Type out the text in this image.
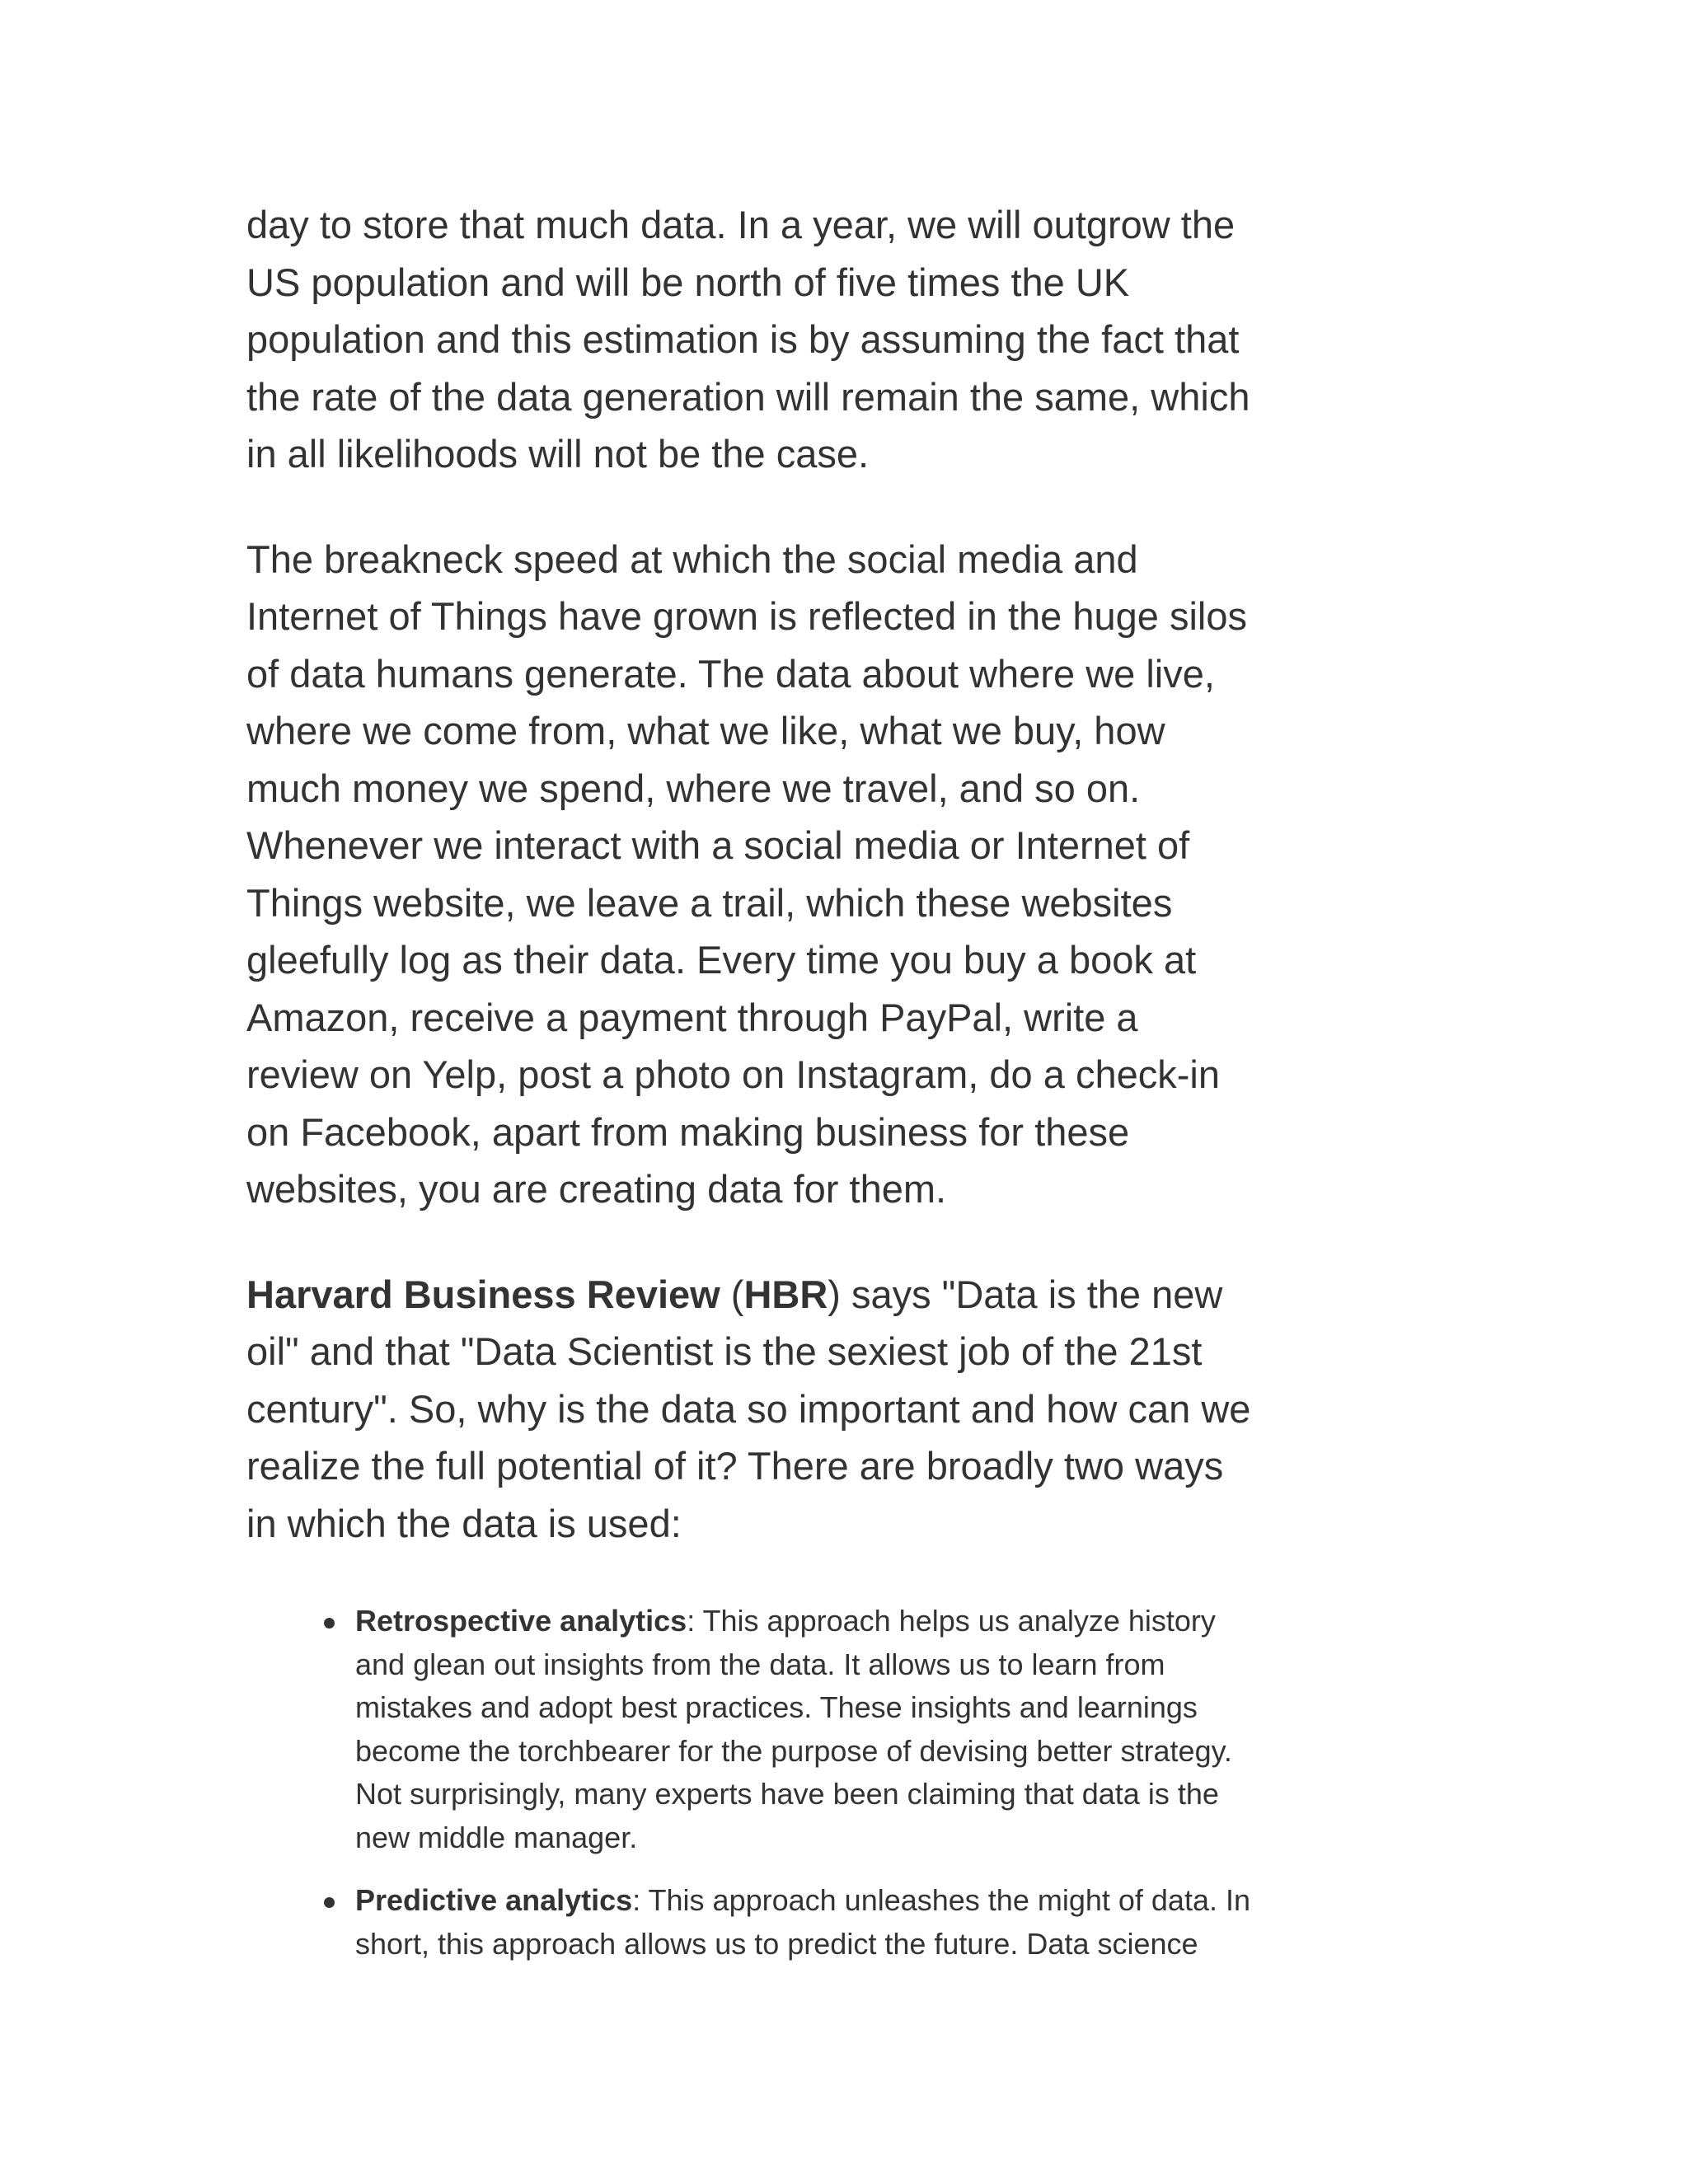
day to store that much data. In a year, we will outgrow the US population and will be north of five times the UK population and this estimation is by assuming the fact that the rate of the data generation will remain the same, which in all likelihoods will not be the case.

The breakneck speed at which the social media and Internet of Things have grown is reflected in the huge silos of data humans generate. The data about where we live, where we come from, what we like, what we buy, how much money we spend, where we travel, and so on. Whenever we interact with a social media or Internet of Things website, we leave a trail, which these websites gleefully log as their data. Every time you buy a book at Amazon, receive a payment through PayPal, write a review on Yelp, post a photo on Instagram, do a check-in on Facebook, apart from making business for these websites, you are creating data for them.

Harvard Business Review (HBR) says "Data is the new oil" and that "Data Scientist is the sexiest job of the 21st century". So, why is the data so important and how can we realize the full potential of it? There are broadly two ways in which the data is used:

Retrospective analytics: This approach helps us analyze history and glean out insights from the data. It allows us to learn from mistakes and adopt best practices. These insights and learnings become the torchbearer for the purpose of devising better strategy. Not surprisingly, many experts have been claiming that data is the new middle manager.
Predictive analytics: This approach unleashes the might of data. In short, this approach allows us to predict the future. Data science
